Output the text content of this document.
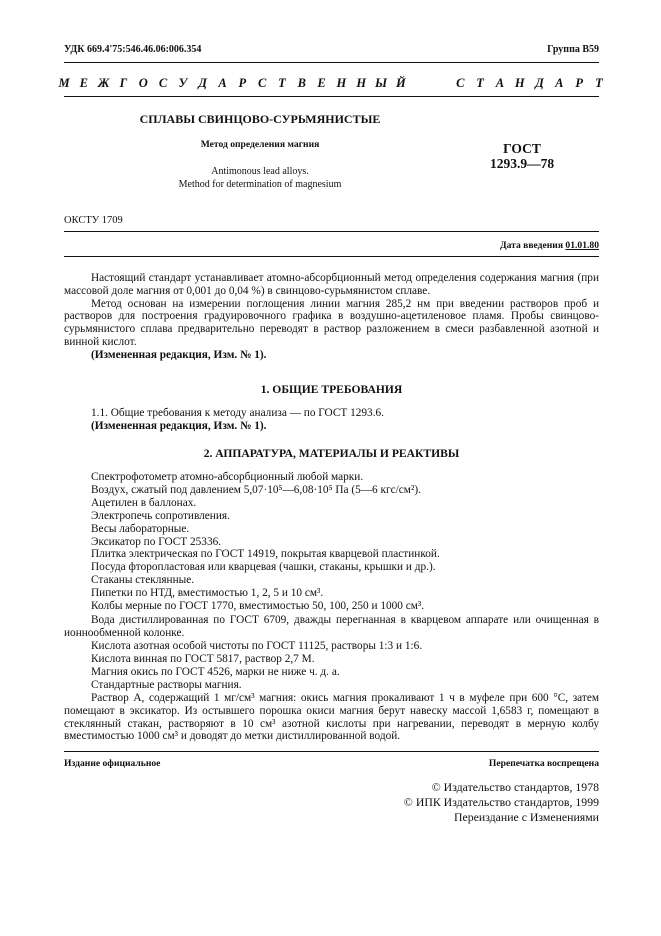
УДК 669.4'75:546.46.06:006.354	Группа В59
М Е Ж Г О С У Д А Р С Т В Е Н Н Ы Й	С Т А Н Д А Р Т
СПЛАВЫ СВИНЦОВО-СУРЬМЯНИСТЫЕ
Метод определения магния
Antimonous lead alloys.
Method for determination of magnesium
ГОСТ
1293.9—78
ОКСТУ 1709
Дата введения 01.01.80

Настоящий стандарт устанавливает атомно-абсорбционный метод определения содержания магния (при массовой доле магния от 0,001 до 0,04 %) в свинцово-сурьмянистом сплаве.

Метод основан на измерении поглощения линии магния 285,2 нм при введении растворов проб и растворов для построения градуировочного графика в воздушно-ацетиленовое пламя. Пробы свинцово-сурьмянистого сплава предварительно переводят в раствор разложением в смеси разбавленной азотной и винной кислот.

(Измененная редакция, Изм. № 1).

1. ОБЩИЕ ТРЕБОВАНИЯ

1.1. Общие требования к методу анализа — по ГОСТ 1293.6.

(Измененная редакция, Изм. № 1).

2. АППАРАТУРА, МАТЕРИАЛЫ И РЕАКТИВЫ
Спектрофотометр атомно-абсорбционный любой марки.
Воздух, сжатый под давлением 5,07·10⁵—6,08·10⁵ Па (5—6 кгс/см²).
Ацетилен в баллонах.
Электропечь сопротивления.
Весы лабораторные.
Эксикатор по ГОСТ 25336.
Плитка электрическая по ГОСТ 14919, покрытая кварцевой пластинкой.
Посуда фторопластовая или кварцевая (чашки, стаканы, крышки и др.).
Стаканы стеклянные.
Пипетки по НТД, вместимостью 1, 2, 5 и 10 см³.
Колбы мерные по ГОСТ 1770, вместимостью 50, 100, 250 и 1000 см³.

Вода дистиллированная по ГОСТ 6709, дважды перегнанная в кварцевом аппарате или очищенная в ионнообменной колонке.

Кислота азотная особой чистоты по ГОСТ 11125, растворы 1:3 и 1:6.
Кислота винная по ГОСТ 5817, раствор 2,7 М.
Магния окись по ГОСТ 4526, марки не ниже ч. д. а.
Стандартные растворы магния.

Раствор А, содержащий 1 мг/см³ магния: окись магния прокаливают 1 ч в муфеле при 600 °С, затем помещают в эксикатор. Из остывшего порошка окиси магния берут навеску массой 1,6583 г, помещают в стеклянный стакан, растворяют в 10 см³ азотной кислоты при нагревании, переводят в мерную колбу вместимостью 1000 см³ и доводят до метки дистиллированной водой.

Издание официальное	Перепечатка воспрещена
© Издательство стандартов, 1978
© ИПК Издательство стандартов, 1999
Переиздание с Изменениями
